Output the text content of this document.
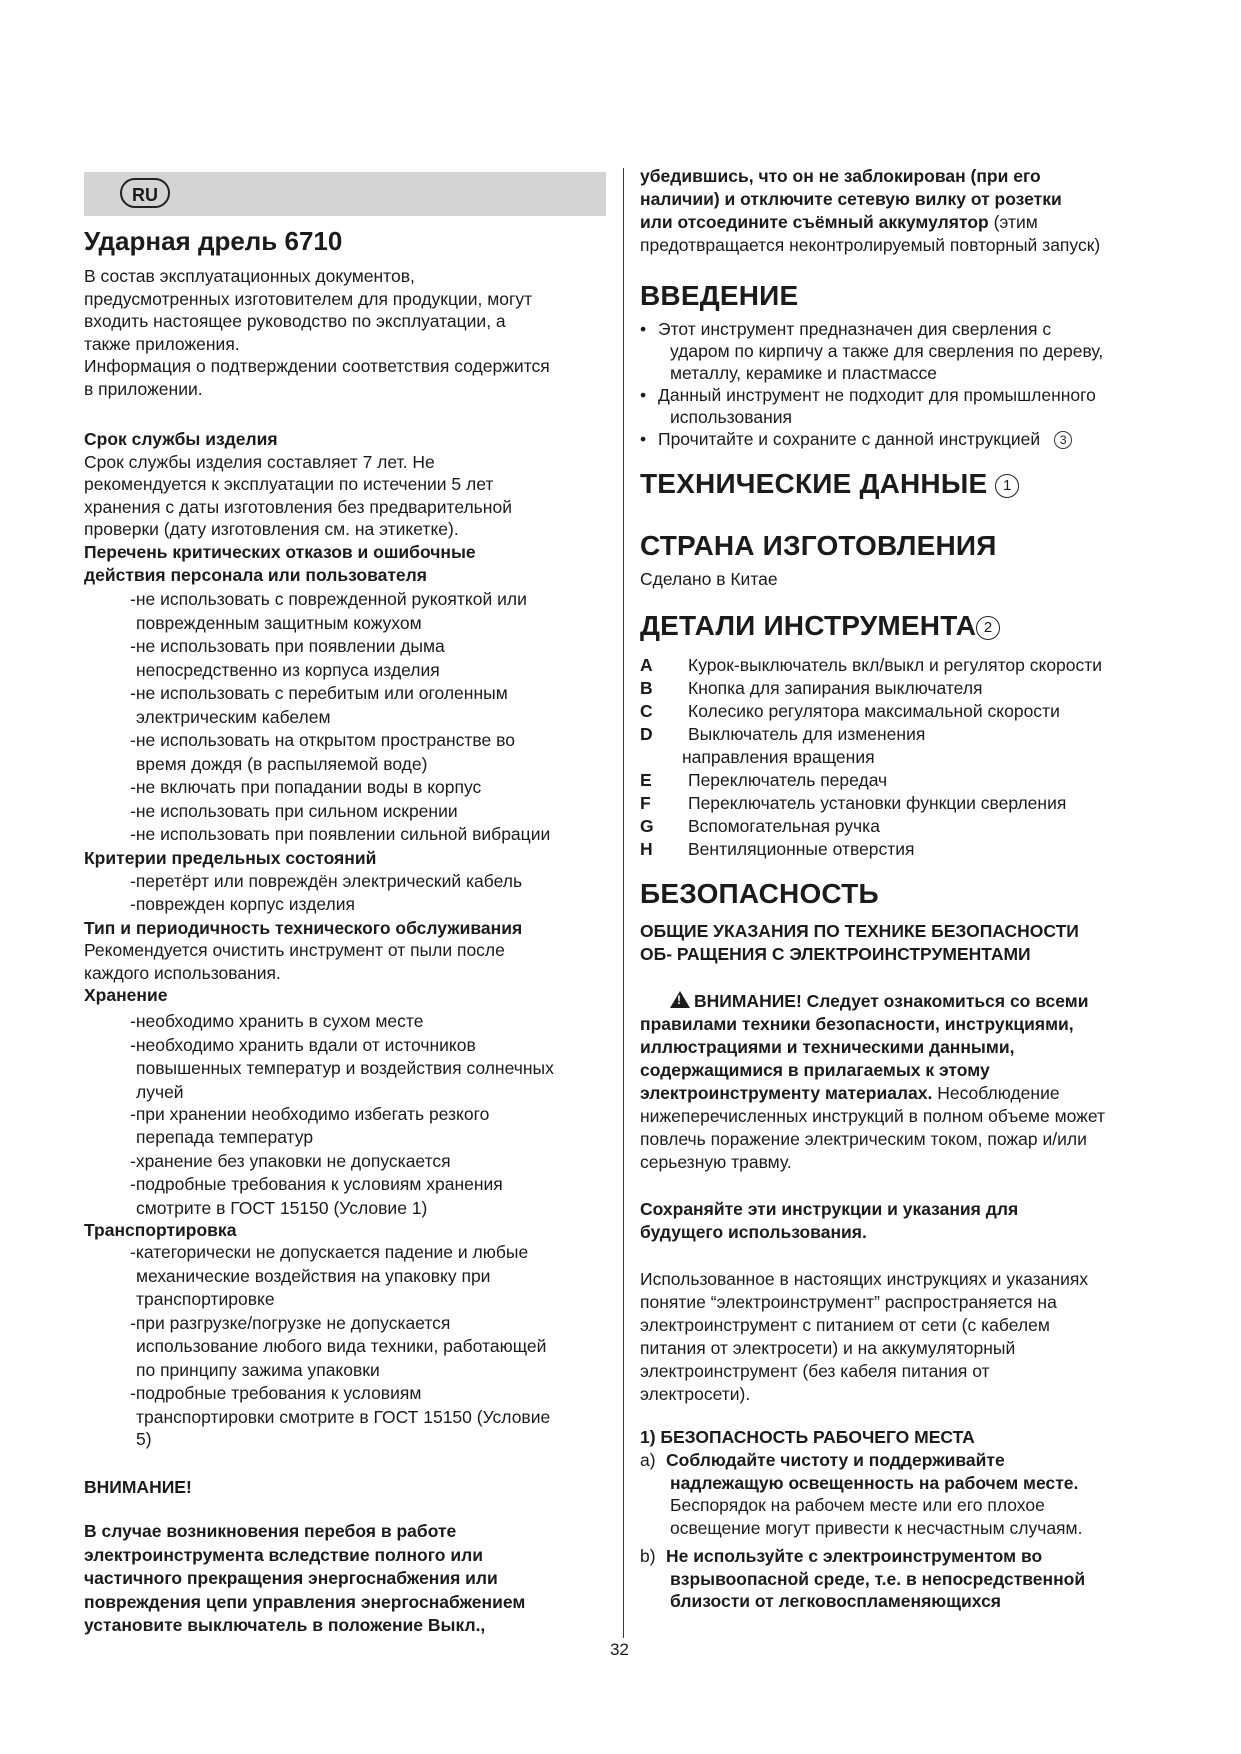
RU
Ударная дрель 6710
В состав эксплуатационных документов,
предусмотренных изготовителем для продукции, могут
входить настоящее руководство по эксплуатации, а
также приложения.
Информация о подтверждении соответствия содержится
в приложении.
Срок службы изделия
Срок службы изделия составляет 7 лет. Не
рекомендуется к эксплуатации по истечении 5 лет
хранения с даты изготовления без предварительной
проверки (дату изготовления см. на этикетке).
Перечень критических отказов и ошибочные
действия персонала или пользователя
-не использовать с поврежденной рукояткой или
поврежденным защитным кожухом
-не использовать при появлении дыма
непосредственно из корпуса изделия
-не использовать с перебитым или оголенным
электрическим кабелем
-не использовать на открытом пространстве во
время дождя (в распыляемой воде)
-не включать при попадании воды в корпус
-не использовать при сильном искрении
-не использовать при появлении сильной вибрации
Критерии предельных состояний
-перетёрт или повреждён электрический кабель
-поврежден корпус изделия
Тип и периодичность технического обслуживания
Рекомендуется очистить инструмент от пыли после
каждого использования.
Хранение
-необходимо хранить в сухом месте
-необходимо хранить вдали от источников
повышенных температур и воздействия солнечных
лучей
-при хранении необходимо избегать резкого
перепада температур
-хранение без упаковки не допускается
-подробные требования к условиям хранения
смотрите в ГОСТ 15150 (Условие 1)
Транспортировка
-категорически не допускается падение и любые
механические воздействия на упаковку при
транспортировке
-при разгрузке/погрузке не допускается
использование любого вида техники, работающей
по принципу зажима упаковки
-подробные требования к условиям
транспортировки смотрите в ГОСТ 15150 (Условие
5)
ВНИМАНИЕ!
В случае возникновения перебоя в работе
электроинструмента вследствие полного или
частичного прекращения энергоснабжения или
повреждения цепи управления энергоснабжением
установите выключатель в положение Выкл.,
убедившись, что он не заблокирован (при его
наличии) и отключите сетевую вилку от розетки
или отсоедините съёмный аккумулятор (этим
предотвращается неконтролируемый повторный запуск)
ВВЕДЕНИЕ
• Этот инструмент предназначен дия сверления с
ударом по кирпичу а также для сверления по дереву,
металлу, керамике и пластмассе
• Данный инструмент не подходит для промышленного
использования
• Прочитайте и сохраните с данной инструкцией 3
ТЕХНИЧЕСКИЕ ДАННЫЕ 1
СТРАНА ИЗГОТОВЛЕНИЯ
Сделано в Китае
ДЕТАЛИ ИНСТРУМЕНТА 2
A	Курок-выключатель вкл/выкл и регулятор скорости
B	Кнопка для запирания выключателя
C	Колесико регулятора максимальной скорости
D	Выключатель для изменения
направления вращения
E	Переключатель передач
F	Переключатель установки функции сверления
G	Вспомогательная ручка
H	Вентиляционные отверстия
БЕЗОПАСНОСТЬ
ОБЩИЕ УКАЗАНИЯ ПО ТЕХНИКЕ БЕЗОПАСНОСТИ
ОБ- РАЩЕНИЯ С ЭЛЕКТРОИНСТРУМЕНТАМИ
!ВНИМАНИЕ! Следует ознакомиться со всеми
правилами техники безопасности, инструкциями,
иллюстрациями и техническими данными,
содержащимися в прилагаемых к этому
электроинструменту материалах. Несоблюдение
нижеперечисленных инструкций в полном объеме может
повлечь поражение электрическим током, пожар и/или
серьезную травму.
Сохраняйте эти инструкции и указания для
будущего использования.
Использованное в настоящих инструкциях и указаниях
понятие “электроинструмент” распространяется на
электроинструмент с питанием от сети (с кабелем
питания от электросети) и на аккумуляторный
электроинструмент (без кабеля питания от
электросети).
1) БЕЗОПАСНОСТЬ РАБОЧЕГО МЕСТА
a) Соблюдайте чистоту и поддерживайте
надлежащую освещенность на рабочем месте.
Беспорядок на рабочем месте или его плохое
освещение могут привести к несчастным случаям.
b) Не используйте с электроинструментом во
взрывоопасной среде, т.е. в непосредственной
близости от легковоспламеняющихся
32
